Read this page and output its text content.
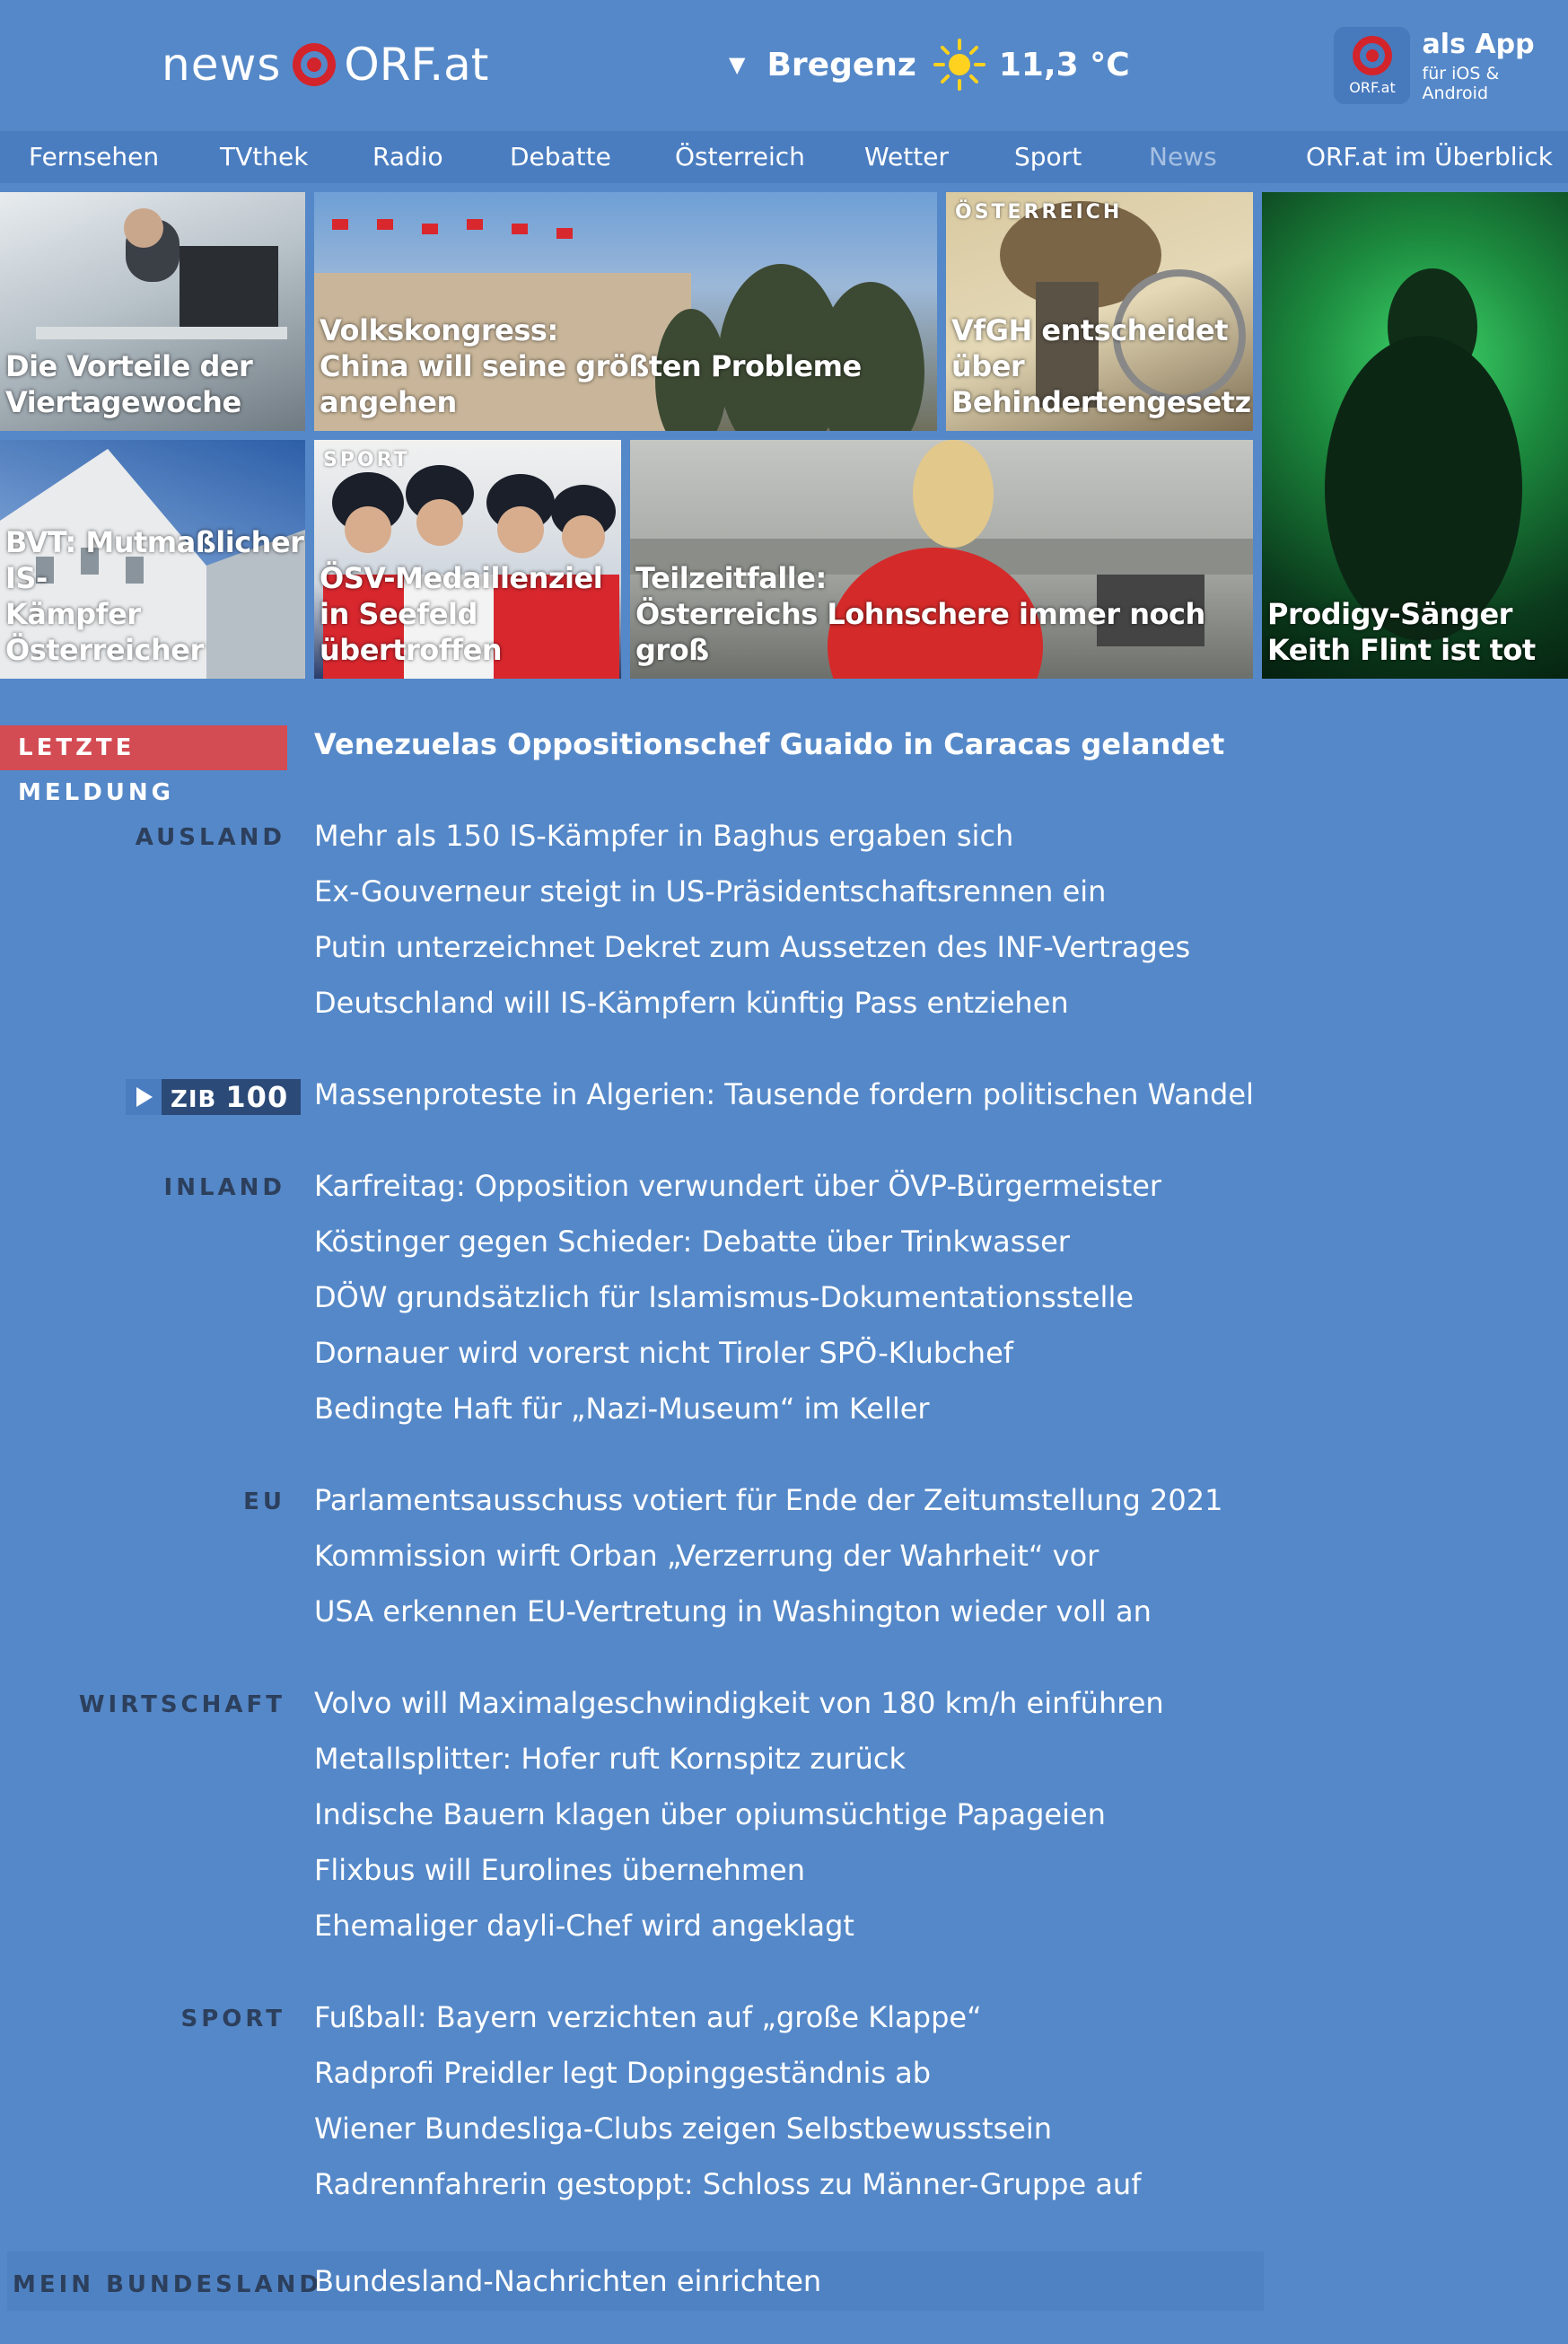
news ORF.at	▼ Bregenz	11,3 °C
ORF.at
als App
für iOS & Android
Fernsehen TVthek	Radio	Debatte	Österreich Wetter	Sport	News	ORF.at im Überblick
Die Vorteile der
Viertagewoche
Volkskongress:
China will seine größten Probleme angehen
ÖSTERREICH
VfGH entscheidet über
Behindertengesetz
Prodigy-Sänger
Keith Flint ist tot
BVT: Mutmaßlicher IS-
Kämpfer Österreicher
SPORT
ÖSV-Medaillenziel
in Seefeld übertroffen
Teilzeitfalle:
Österreichs Lohnschere immer noch groß
LETZTE MELDUNG
Venezuelas Oppositionschef Guaido in Caracas gelandet
AUSLAND Mehr als 150 IS-Kämpfer in Baghus ergaben sich
Ex-Gouverneur steigt in US-Präsidentschaftsrennen ein
Putin unterzeichnet Dekret zum Aussetzen des INF-Vertrages
Deutschland will IS-Kämpfern künftig Pass entziehen
ZIB 100 Massenproteste in Algerien: Tausende fordern politischen Wandel
INLAND Karfreitag: Opposition verwundert über ÖVP-Bürgermeister
Köstinger gegen Schieder: Debatte über Trinkwasser
DÖW grundsätzlich für Islamismus-Dokumentationsstelle
Dornauer wird vorerst nicht Tiroler SPÖ-Klubchef
Bedingte Haft für „Nazi-Museum“ im Keller
EU Parlamentsausschuss votiert für Ende der Zeitumstellung 2021
Kommission wirft Orban „Verzerrung der Wahrheit“ vor
USA erkennen EU-Vertretung in Washington wieder voll an
WIRTSCHAFT Volvo will Maximalgeschwindigkeit von 180 km/h einführen
Metallsplitter: Hofer ruft Kornspitz zurück
Indische Bauern klagen über opiumsüchtige Papageien
Flixbus will Eurolines übernehmen
Ehemaliger dayli-Chef wird angeklagt
SPORT Fußball: Bayern verzichten auf „große Klappe“
Radprofi Preidler legt Dopinggeständnis ab
Wiener Bundesliga-Clubs zeigen Selbstbewusstsein
Radrennfahrerin gestoppt: Schloss zu Männer-Gruppe auf
MEIN BUNDESLAND
Bundesland-Nachrichten einrichten
